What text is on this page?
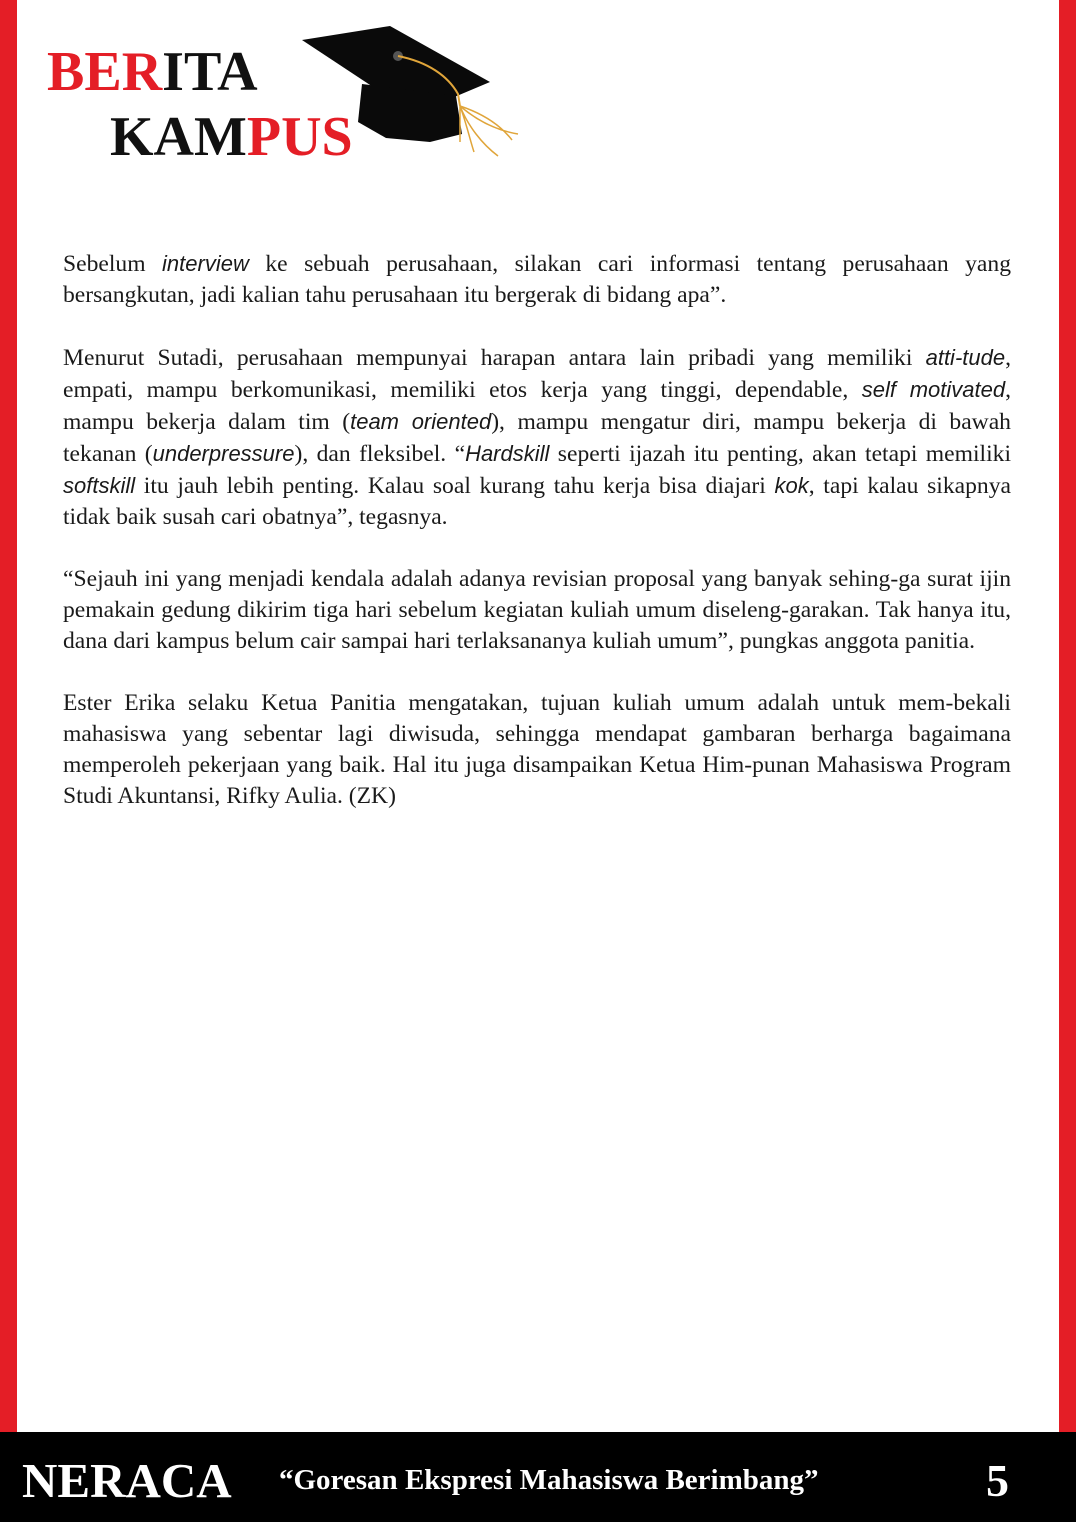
BERITA
KAMPUS

Sebelum interview ke sebuah perusahaan, silakan cari informasi tentang perusahaan yang bersangkutan, jadi kalian tahu perusahaan itu bergerak di bidang apa”.

Menurut Sutadi, perusahaan mempunyai harapan antara lain pribadi yang memiliki atti-tude, empati, mampu berkomunikasi, memiliki etos kerja yang tinggi, dependable, self motivated, mampu bekerja dalam tim (team oriented), mampu mengatur diri, mampu bekerja di bawah tekanan (underpressure), dan fleksibel. “Hardskill seperti ijazah itu penting, akan tetapi memiliki softskill itu jauh lebih penting. Kalau soal kurang tahu kerja bisa diajari kok, tapi kalau sikapnya tidak baik susah cari obatnya”, tegasnya.

“Sejauh ini yang menjadi kendala adalah adanya revisian proposal yang banyak sehing-ga surat ijin pemakain gedung dikirim tiga hari sebelum kegiatan kuliah umum diseleng-garakan. Tak hanya itu, dana dari kampus belum cair sampai hari terlaksananya kuliah umum”, pungkas anggota panitia.

Ester Erika selaku Ketua Panitia mengatakan, tujuan kuliah umum adalah untuk mem-bekali mahasiswa yang sebentar lagi diwisuda, sehingga mendapat gambaran berharga bagaimana memperoleh pekerjaan yang baik. Hal itu juga disampaikan Ketua Him-punan Mahasiswa Program Studi Akuntansi, Rifky Aulia. (ZK)

NERACA “Goresan Ekspresi Mahasiswa Berimbang”	5
